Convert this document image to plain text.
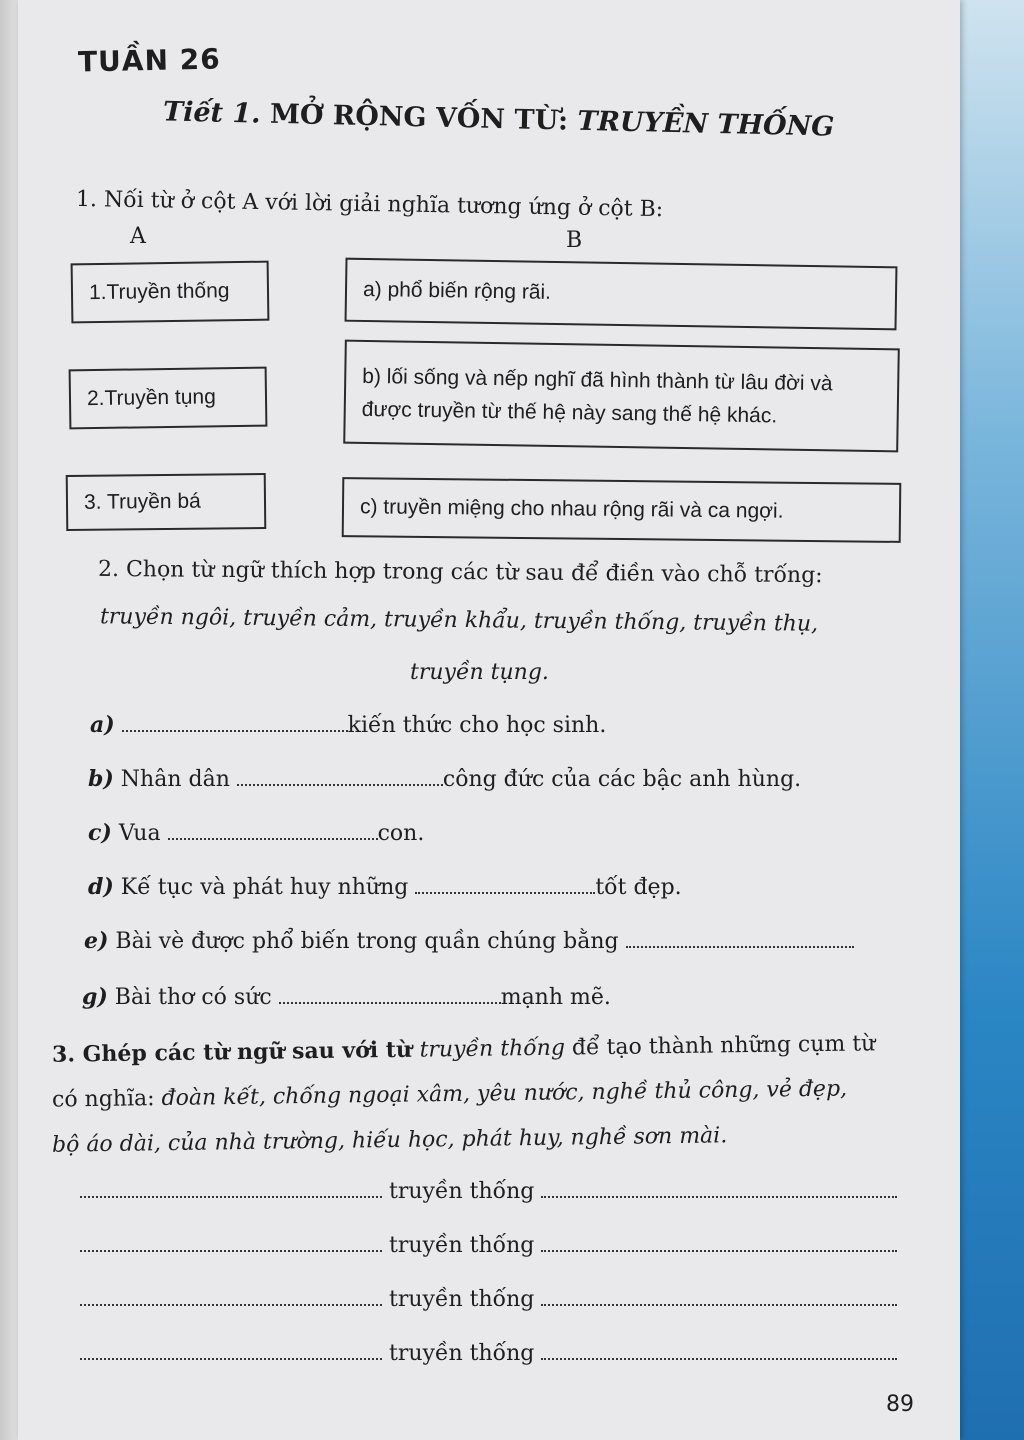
TUẦN 26
Tiết 1. MỞ RỘNG VỐN TỪ: TRUYỀN THỐNG
1. Nối từ ở cột A với lời giải nghĩa tương ứng ở cột B:
A	B
1.Truyền thống
2.Truyền tụng
3. Truyền bá
a) phổ biến rộng rãi.
b) lối sống và nếp nghĩ đã hình thành từ lâu đời và
được truyền từ thế hệ này sang thế hệ khác.
c) truyền miệng cho nhau rộng rãi và ca ngợi.
2. Chọn từ ngữ thích hợp trong các từ sau để điền vào chỗ trống:
truyền ngôi, truyền cảm, truyền khẩu, truyền thống, truyền thụ,
truyền tụng.
a)	kiến thức cho học sinh.
b) Nhân dân	công đức của các bậc anh hùng.
c) Vua	con.
d) Kế tục và phát huy những	tốt đẹp.
e) Bài vè được phổ biến trong quần chúng bằng
g) Bài thơ có sức	mạnh mẽ.
3. Ghép các từ ngữ sau với từ truyền thống để tạo thành những cụm từ
có nghĩa: đoàn kết, chống ngoại xâm, yêu nước, nghề thủ công, vẻ đẹp,
bộ áo dài, của nhà trường, hiếu học, phát huy, nghề sơn mài.
truyền thống
truyền thống
truyền thống
truyền thống
89
